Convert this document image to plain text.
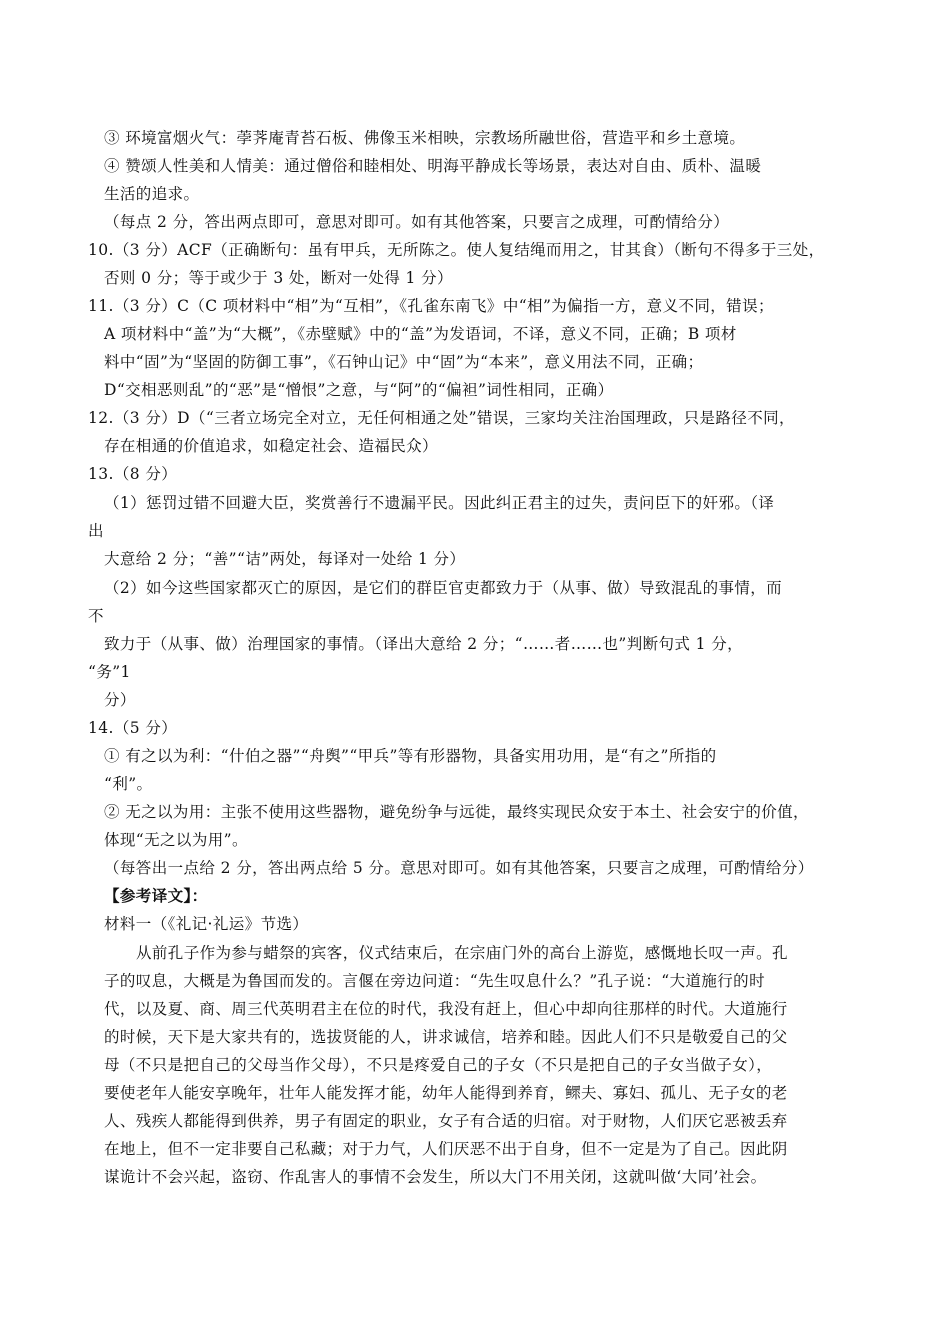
③ 环境富烟火气：荸荠庵青苔石板、佛像玉米相映，宗教场所融世俗，营造平和乡土意境。
④ 赞颂人性美和人情美：通过僧俗和睦相处、明海平静成长等场景，表达对自由、质朴、温暖
生活的追求。
（每点 2 分，答出两点即可，意思对即可。如有其他答案，只要言之成理，可酌情给分）
10.（3 分）ACF（正确断句：虽有甲兵，无所陈之。使人复结绳而用之，甘其食）（断句不得多于三处，
否则 0 分；等于或少于 3 处，断对一处得 1 分）
11.（3 分）C（C 项材料中“相”为“互相”，《孔雀东南飞》中“相”为偏指一方，意义不同，错误；
A 项材料中“盖”为“大概”，《赤壁赋》中的“盖”为发语词，不译，意义不同，正确；B 项材
料中“固”为“坚固的防御工事”，《石钟山记》中“固”为“本来”，意义用法不同，正确；
D“交相恶则乱”的“恶”是“憎恨”之意，与“阿”的“偏袒”词性相同，正确）
12.（3 分）D（“三者立场完全对立，无任何相通之处”错误，三家均关注治国理政，只是路径不同，
存在相通的价值追求，如稳定社会、造福民众）
13.（8 分）
（1）惩罚过错不回避大臣，奖赏善行不遗漏平民。因此纠正君主的过失，责问臣下的奸邪。（译
出
大意给 2 分；“善”“诘”两处，每译对一处给 1 分）
（2）如今这些国家都灭亡的原因，是它们的群臣官吏都致力于（从事、做）导致混乱的事情，而
不
致力于（从事、做）治理国家的事情。（译出大意给 2 分；“……者……也”判断句式 1 分，
“务”1
分）
14.（5 分）
① 有之以为利：“什伯之器”“舟舆”“甲兵”等有形器物，具备实用功用，是“有之”所指的
“利”。
② 无之以为用：主张不使用这些器物，避免纷争与远徙，最终实现民众安于本土、社会安宁的价值，
体现“无之以为用”。
（每答出一点给 2 分，答出两点给 5 分。意思对即可。如有其他答案，只要言之成理，可酌情给分）
【参考译文】：
材料一（《礼记·礼运》节选）
从前孔子作为参与蜡祭的宾客，仪式结束后，在宗庙门外的高台上游览，感慨地长叹一声。孔
子的叹息，大概是为鲁国而发的。言偃在旁边问道：“先生叹息什么？”孔子说：“大道施行的时
代，以及夏、商、周三代英明君主在位的时代，我没有赶上，但心中却向往那样的时代。大道施行
的时候，天下是大家共有的，选拔贤能的人，讲求诚信，培养和睦。因此人们不只是敬爱自己的父
母（不只是把自己的父母当作父母），不只是疼爱自己的子女（不只是把自己的子女当做子女），
要使老年人能安享晚年，壮年人能发挥才能，幼年人能得到养育，鳏夫、寡妇、孤儿、无子女的老
人、残疾人都能得到供养，男子有固定的职业，女子有合适的归宿。对于财物，人们厌它恶被丢弃
在地上，但不一定非要自己私藏；对于力气，人们厌恶不出于自身，但不一定是为了自己。因此阴
谋诡计不会兴起，盗窃、作乱害人的事情不会发生，所以大门不用关闭，这就叫做‘大同’社会。
